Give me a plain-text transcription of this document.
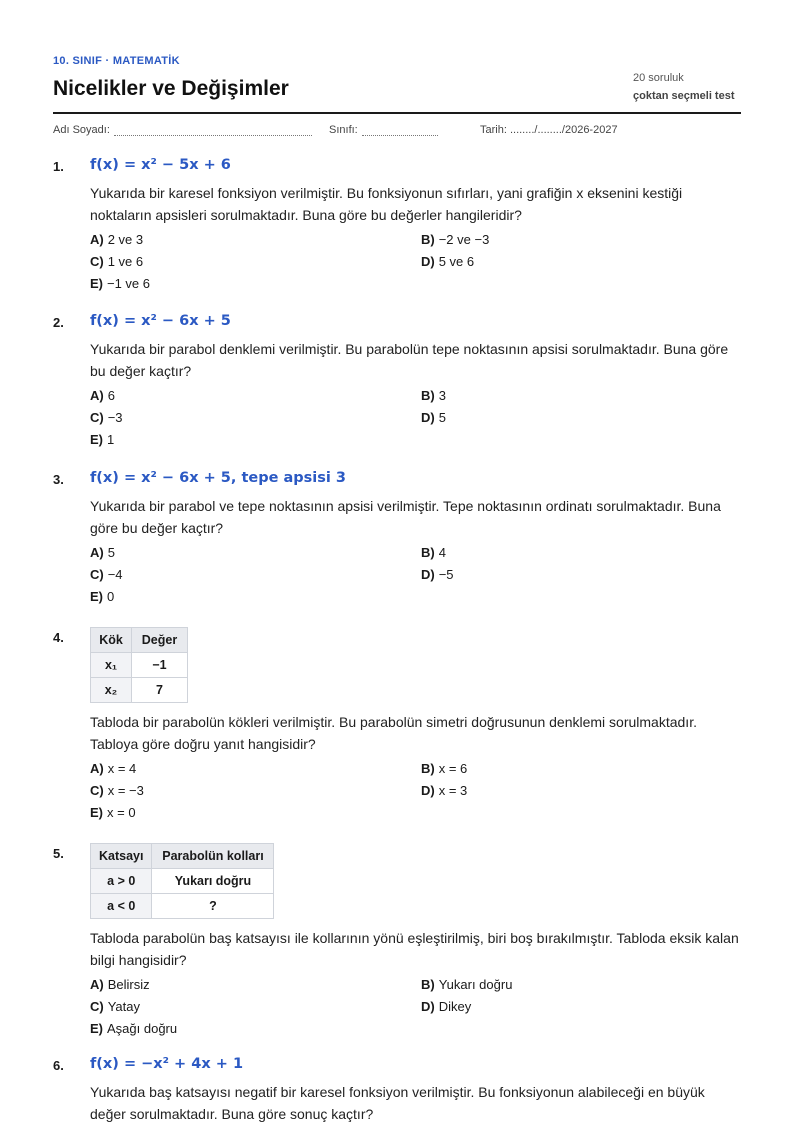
10. SINIF · MATEMATİK
Nicelikler ve Değişimler	20 soruluk
çoktan seçmeli test
Adı Soyadı:	Sınıfı:	Tarih: ......../......../2026-2027
1. f(x) = x² − 5x + 6

Yukarıda bir karesel fonksiyon verilmiştir. Bu fonksiyonun sıfırları, yani grafiğin x eksenini kestiği noktaların apsisleri sorulmaktadır. Buna göre bu değerler hangileridir?

A) 2 ve 3	B) −2 ve −3
C) 1 ve 6	D) 5 ve 6
E) −1 ve 6
2. f(x) = x² − 6x + 5

Yukarıda bir parabol denklemi verilmiştir. Bu parabolün tepe noktasının apsisi sorulmaktadır. Buna göre bu değer kaçtır?

A) 6	B) 3
C) −3	D) 5
E) 1
3. f(x) = x² − 6x + 5, tepe apsisi 3

Yukarıda bir parabol ve tepe noktasının apsisi verilmiştir. Tepe noktasının ordinatı sorulmaktadır. Buna göre bu değer kaçtır?

A) 5	B) 4
C) −4	D) −5
E) 0
4.	Kök	Değer
x₁	−1
x₂	7

Tabloda bir parabolün kökleri verilmiştir. Bu parabolün simetri doğrusunun denklemi sorulmaktadır. Tabloya göre doğru yanıt hangisidir?

A) x = 4	B) x = 6
C) x = −3	D) x = 3
E) x = 0
5.	Katsayı	Parabolün kolları
a > 0	Yukarı doğru
a < 0	?

Tabloda parabolün baş katsayısı ile kollarının yönü eşleştirilmiş, biri boş bırakılmıştır. Tabloda eksik kalan bilgi hangisidir?

A) Belirsiz	B) Yukarı doğru
C) Yatay	D) Dikey
E) Aşağı doğru
6. f(x) = −x² + 4x + 1

Yukarıda baş katsayısı negatif bir karesel fonksiyon verilmiştir. Bu fonksiyonun alabileceği en büyük değer sorulmaktadır. Buna göre sonuç kaçtır?
